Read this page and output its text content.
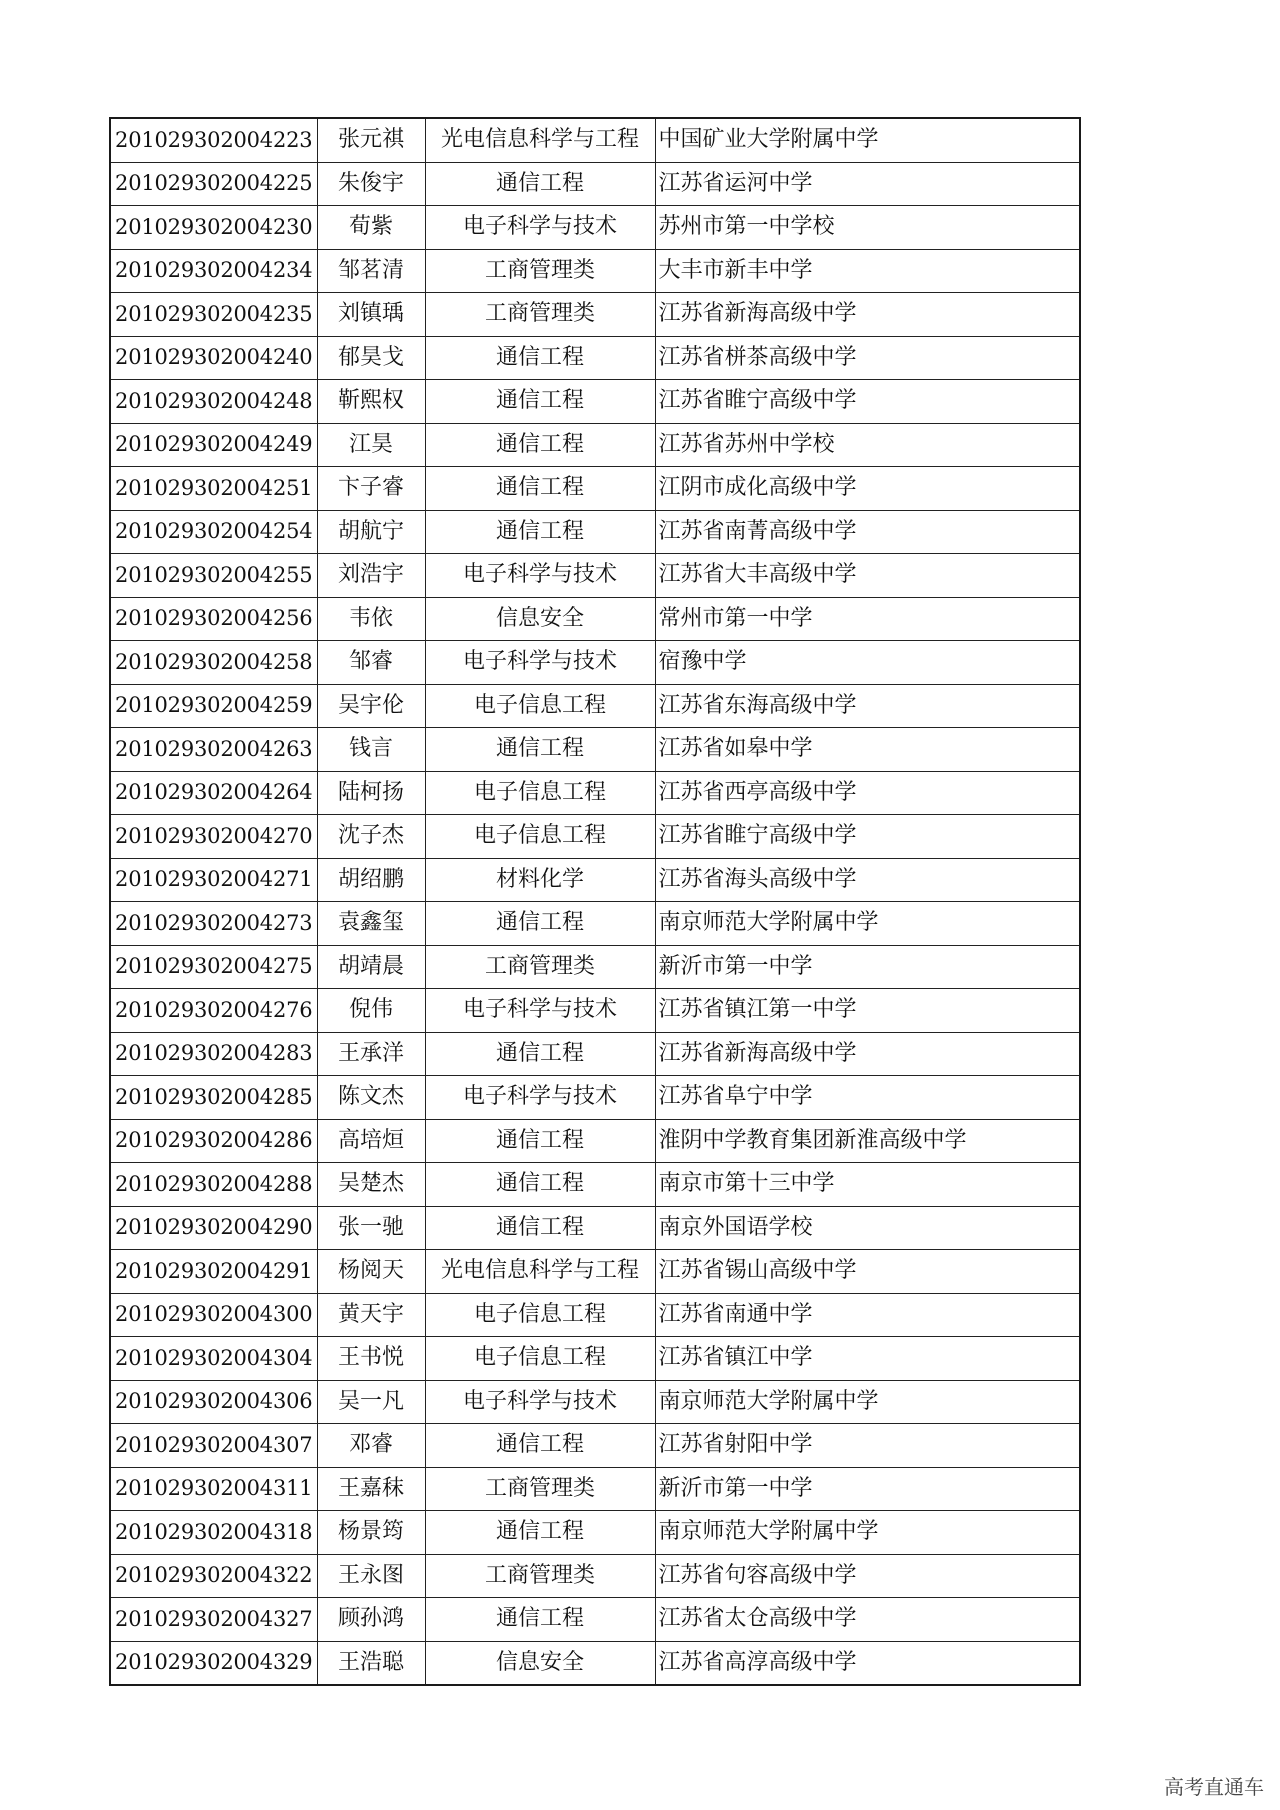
201029302004223	张元祺	光电信息科学与工程	中国矿业大学附属中学
201029302004225	朱俊宇	通信工程	江苏省运河中学
201029302004230	荀紫	电子科学与技术	苏州市第一中学校
201029302004234	邹茗清	工商管理类	大丰市新丰中学
201029302004235	刘镇瑀	工商管理类	江苏省新海高级中学
201029302004240	郁昊戈	通信工程	江苏省栟茶高级中学
201029302004248	靳熙权	通信工程	江苏省睢宁高级中学
201029302004249	江昊	通信工程	江苏省苏州中学校
201029302004251	卞子睿	通信工程	江阴市成化高级中学
201029302004254	胡航宁	通信工程	江苏省南菁高级中学
201029302004255	刘浩宇	电子科学与技术	江苏省大丰高级中学
201029302004256	韦依	信息安全	常州市第一中学
201029302004258	邹睿	电子科学与技术	宿豫中学
201029302004259	吴宇伦	电子信息工程	江苏省东海高级中学
201029302004263	钱言	通信工程	江苏省如皋中学
201029302004264	陆柯扬	电子信息工程	江苏省西亭高级中学
201029302004270	沈子杰	电子信息工程	江苏省睢宁高级中学
201029302004271	胡绍鹏	材料化学	江苏省海头高级中学
201029302004273	袁鑫玺	通信工程	南京师范大学附属中学
201029302004275	胡靖晨	工商管理类	新沂市第一中学
201029302004276	倪伟	电子科学与技术	江苏省镇江第一中学
201029302004283	王承洋	通信工程	江苏省新海高级中学
201029302004285	陈文杰	电子科学与技术	江苏省阜宁中学
201029302004286	高培烜	通信工程	淮阴中学教育集团新淮高级中学
201029302004288	吴楚杰	通信工程	南京市第十三中学
201029302004290	张一驰	通信工程	南京外国语学校
201029302004291	杨阅天	光电信息科学与工程	江苏省锡山高级中学
201029302004300	黄天宇	电子信息工程	江苏省南通中学
201029302004304	王书悦	电子信息工程	江苏省镇江中学
201029302004306	吴一凡	电子科学与技术	南京师范大学附属中学
201029302004307	邓睿	通信工程	江苏省射阳中学
201029302004311	王嘉秣	工商管理类	新沂市第一中学
201029302004318	杨景筠	通信工程	南京师范大学附属中学
201029302004322	王永图	工商管理类	江苏省句容高级中学
201029302004327	顾孙鸿	通信工程	江苏省太仓高级中学
201029302004329	王浩聪	信息安全	江苏省高淳高级中学
高考直通车
